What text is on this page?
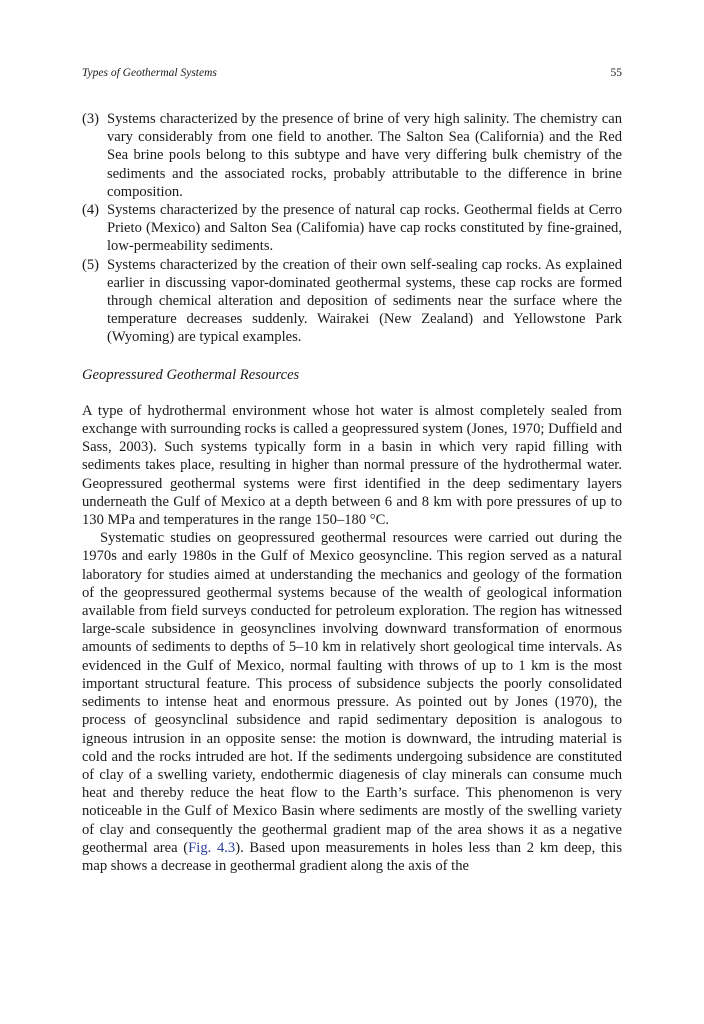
Types of Geothermal Systems	55
(3) Systems characterized by the presence of brine of very high salinity. The chemistry can vary considerably from one field to another. The Salton Sea (California) and the Red Sea brine pools belong to this subtype and have very differing bulk chemistry of the sediments and the associated rocks, probably attributable to the difference in brine composition.
(4) Systems characterized by the presence of natural cap rocks. Geothermal fields at Cerro Prieto (Mexico) and Salton Sea (Califomia) have cap rocks constituted by fine-grained, low-permeability sediments.
(5) Systems characterized by the creation of their own self-sealing cap rocks. As explained earlier in discussing vapor-dominated geothermal systems, these cap rocks are formed through chemical alteration and deposition of sediments near the surface where the temperature decreases suddenly. Wairakei (New Zealand) and Yellowstone Park (Wyoming) are typical examples.
Geopressured Geothermal Resources

A type of hydrothermal environment whose hot water is almost completely sealed from exchange with surrounding rocks is called a geopressured system (Jones, 1970; Duffield and Sass, 2003). Such systems typically form in a basin in which very rapid filling with sediments takes place, resulting in higher than normal pressure of the hydrothermal water. Geopressured geothermal systems were first identified in the deep sedimentary layers underneath the Gulf of Mexico at a depth between 6 and 8 km with pore pressures of up to 130 MPa and temperatures in the range 150–180 °C.

Systematic studies on geopressured geothermal resources were carried out during the 1970s and early 1980s in the Gulf of Mexico geosyncline. This region served as a natural laboratory for studies aimed at understanding the mechanics and geology of the formation of the geopressured geothermal systems because of the wealth of geological information available from field surveys conducted for petroleum exploration. The region has witnessed large-scale subsidence in geosynclines involving downward transformation of enormous amounts of sediments to depths of 5–10 km in relatively short geological time intervals. As evidenced in the Gulf of Mexico, normal faulting with throws of up to 1 km is the most important structural feature. This process of subsidence subjects the poorly consolidated sediments to intense heat and enormous pressure. As pointed out by Jones (1970), the process of geosynclinal subsidence and rapid sedimentary deposition is analogous to igneous intrusion in an opposite sense: the motion is downward, the intruding material is cold and the rocks intruded are hot. If the sediments undergoing subsidence are constituted of clay of a swelling variety, endothermic diagenesis of clay minerals can consume much heat and thereby reduce the heat flow to the Earth’s surface. This phenomenon is very noticeable in the Gulf of Mexico Basin where sediments are mostly of the swelling variety of clay and consequently the geothermal gradient map of the area shows it as a negative geothermal area (Fig. 4.3). Based upon measurements in holes less than 2 km deep, this map shows a decrease in geothermal gradient along the axis of the
